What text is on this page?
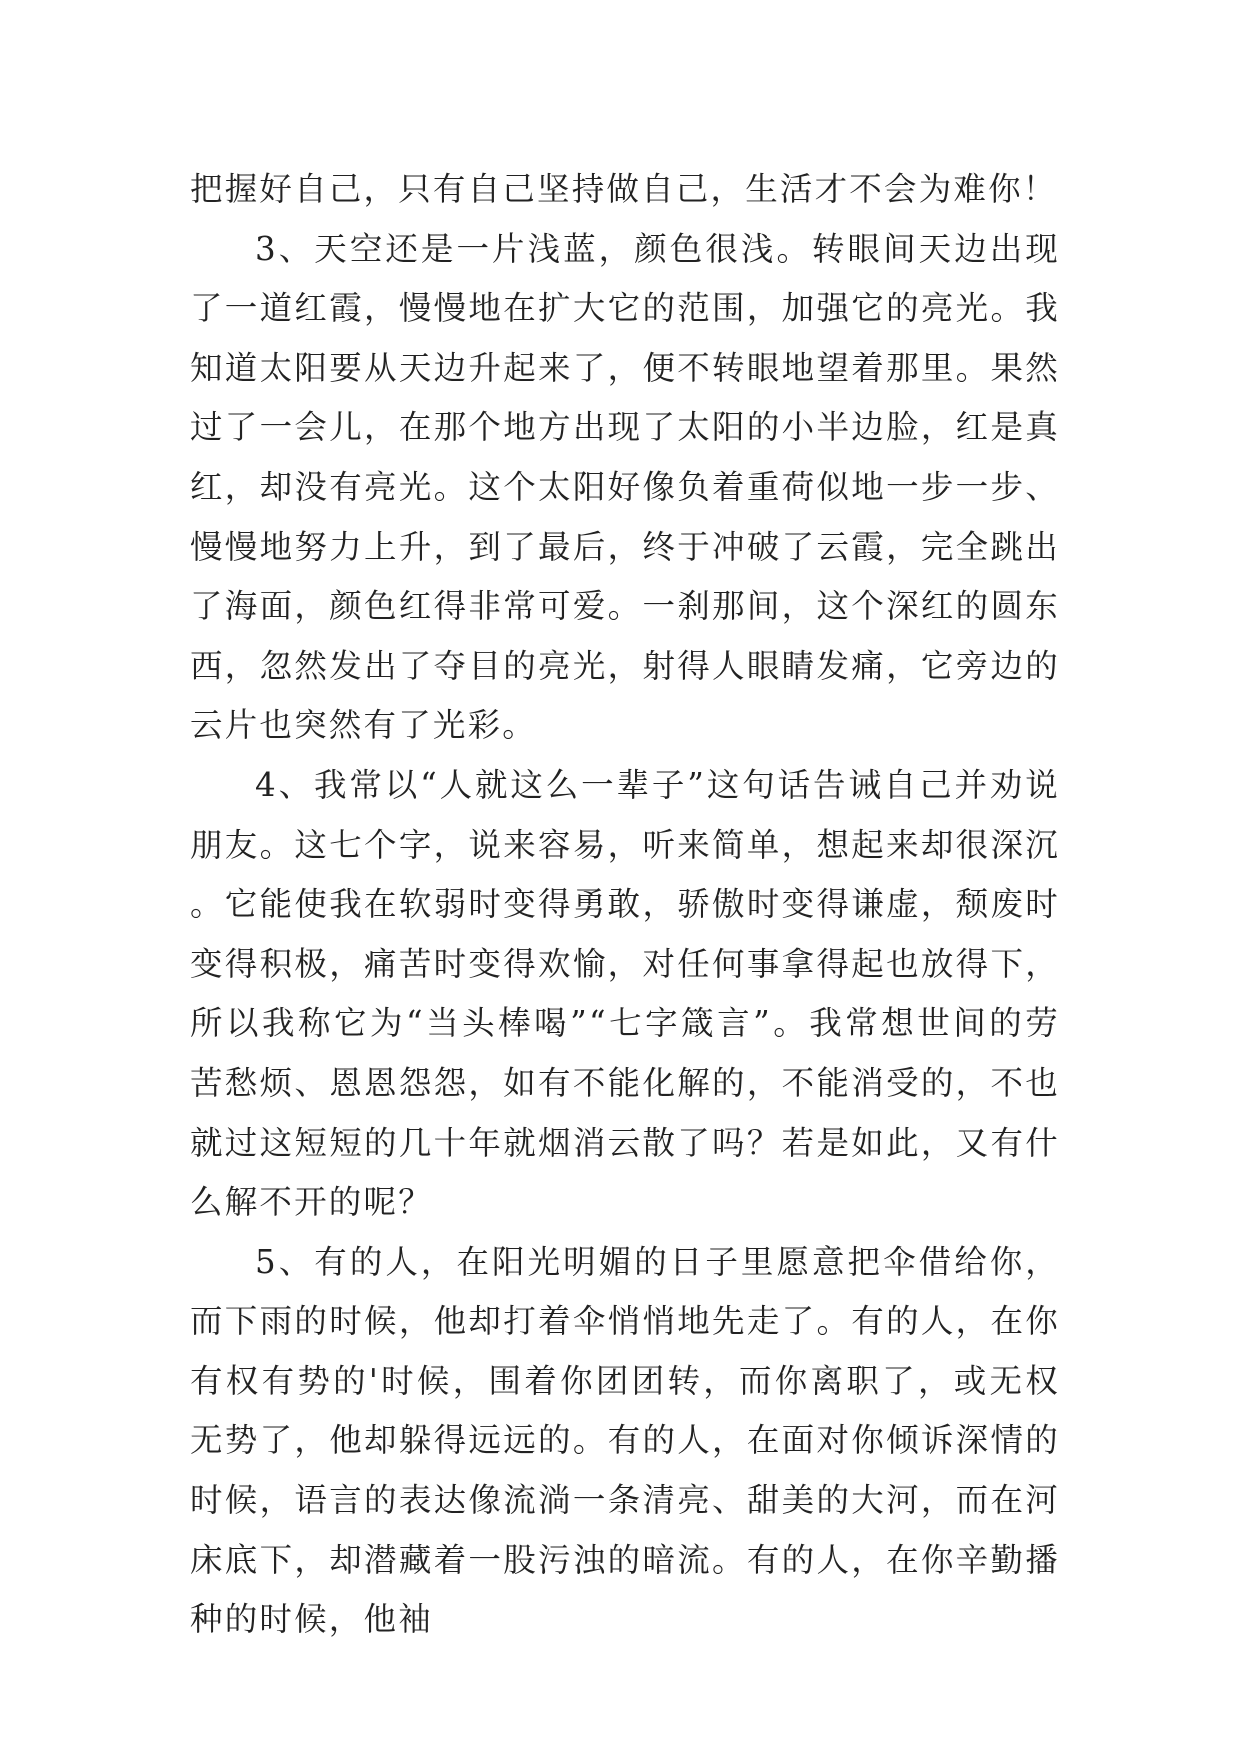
把握好自己，只有自己坚持做自己，生活才不会为难你！

3、天空还是一片浅蓝，颜色很浅。转眼间天边出现了一道红霞，慢慢地在扩大它的范围，加强它的亮光。我知道太阳要从天边升起来了，便不转眼地望着那里。果然过了一会儿，在那个地方出现了太阳的小半边脸，红是真红，却没有亮光。这个太阳好像负着重荷似地一步一步、慢慢地努力上升，到了最后，终于冲破了云霞，完全跳出了海面，颜色红得非常可爱。一刹那间，这个深红的圆东西，忽然发出了夺目的亮光，射得人眼睛发痛，它旁边的云片也突然有了光彩。

4、我常以“人就这么一辈子”这句话告诫自己并劝说朋友。这七个字，说来容易，听来简单，想起来却很深沉。它能使我在软弱时变得勇敢，骄傲时变得谦虚，颓废时变得积极，痛苦时变得欢愉，对任何事拿得起也放得下，所以我称它为“当头棒喝”“七字箴言”。我常想世间的劳苦愁烦、恩恩怨怨，如有不能化解的，不能消受的，不也就过这短短的几十年就烟消云散了吗？若是如此，又有什么解不开的呢？

5、有的人，在阳光明媚的日子里愿意把伞借给你，而下雨的时候，他却打着伞悄悄地先走了。有的人，在你有权有势的'时候，围着你团团转，而你离职了，或无权无势了，他却躲得远远的。有的人，在面对你倾诉深情的时候，语言的表达像流淌一条清亮、甜美的大河，而在河床底下，却潜藏着一股污浊的暗流。有的人，在你辛勤播种的时候，他袖
